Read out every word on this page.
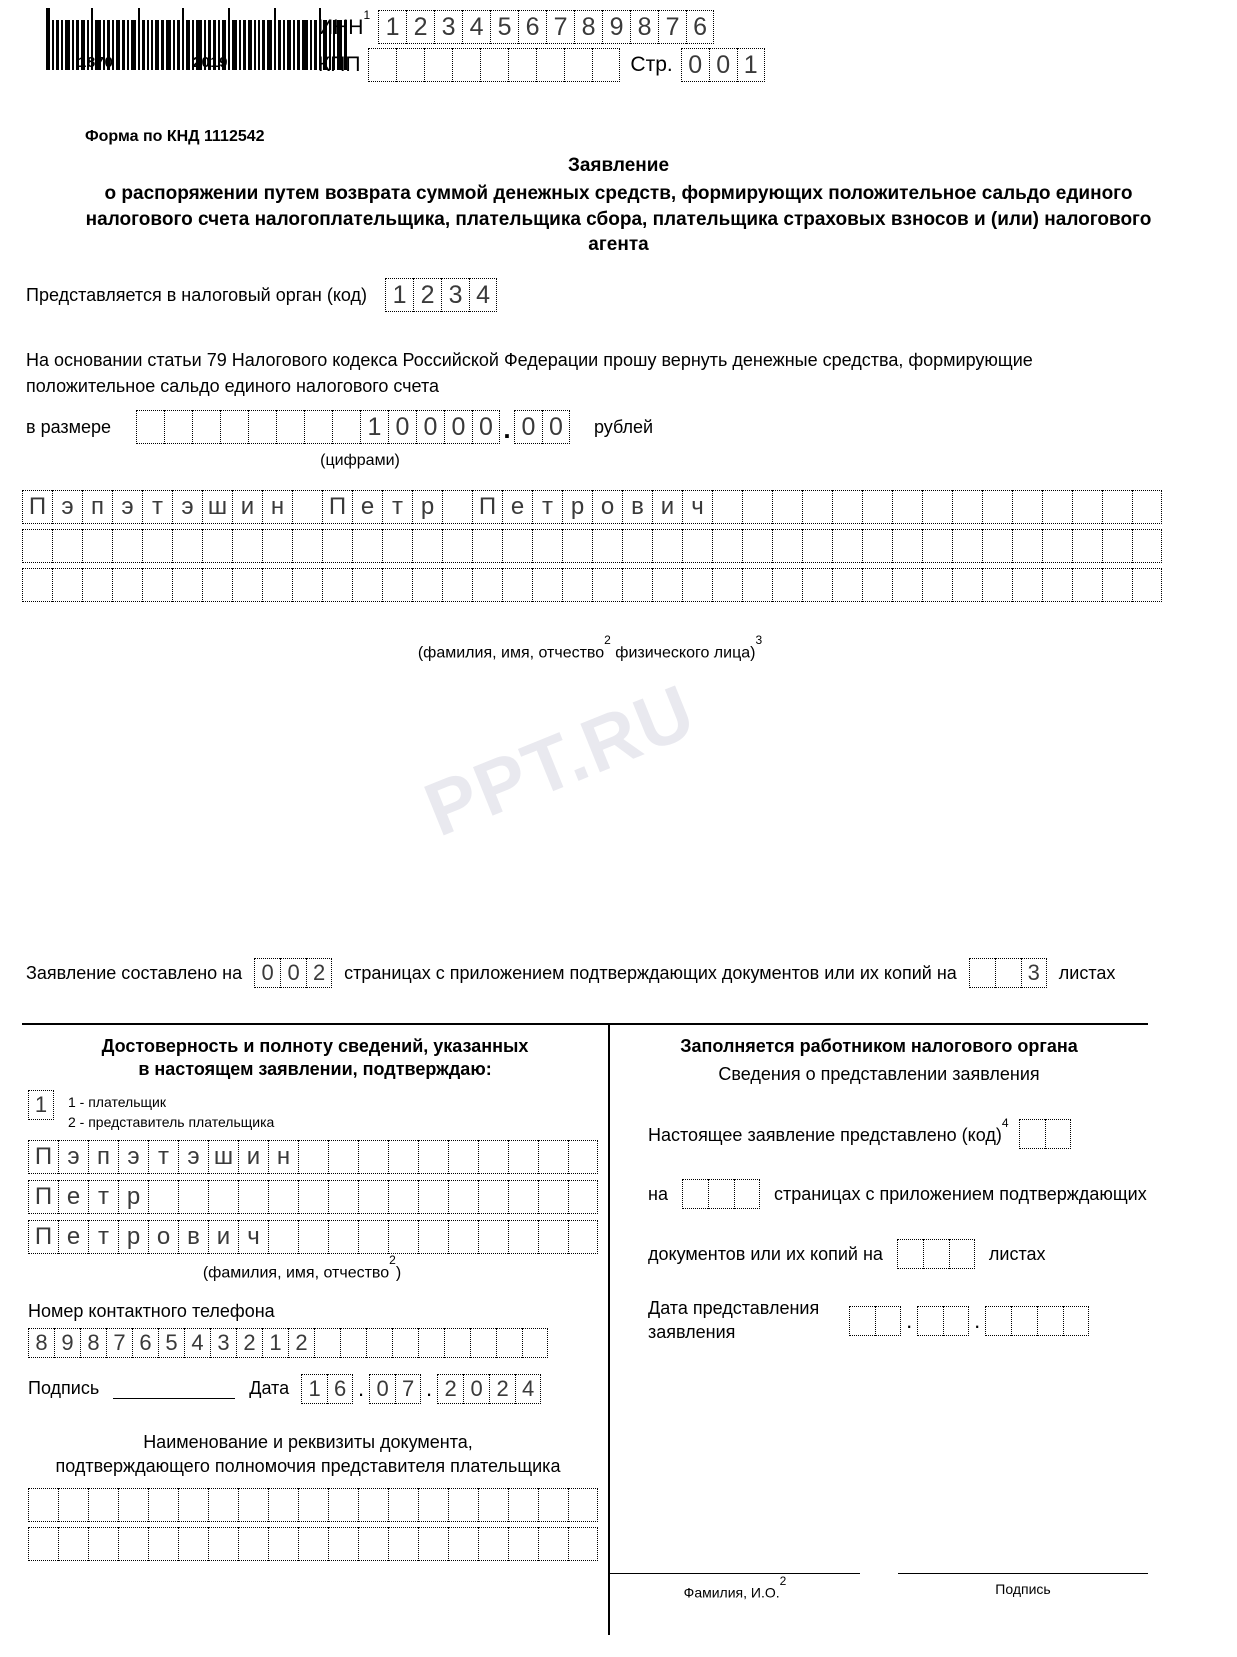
1870	2019
ИНН$^1$ 1 2 3 4 5 6 7 8 9 8 7 6
КПП	Стр. 0 0 1
Форма по КНД 1112542
Заявление
о распоряжении путем возврата суммой денежных средств, формирующих положительное сальдо единого налогового счета налогоплательщика, плательщика сбора, плательщика страховых взносов и (или) налогового агента
Представляется в налоговый орган (код)	1 2 3 4
На основании статьи 79 Налогового кодекса Российской Федерации прошу вернуть денежные средства, формирующие положительное сальдо единого налогового счета
в размере	1 0 0 0 0 . 0 0	рублей
(цифрами)
П э п э т э ш и н	П е т р	П е т р о в и ч
(фамилия, имя, отчество$^2$ физического лица)$^3$
PPT.RU
Заявление составлено на 0 0 2	страницах с приложением подтверждающих документов или их копий на	3	листах
Достоверность и полноту сведений, указанных
в настоящем заявлении, подтверждаю:
1	1 - плательщик
2 - представитель плательщика
П э п э т э ш и н
П е т р
П е т р о в и ч
(фамилия, имя, отчество$^2$)
Номер контактного телефона
8 9 8 7 6 5 4 3 2 1 2
Подпись	Дата 1 6 . 0 7 . 2 0 2 4
Наименование и реквизиты документа,
подтверждающего полномочия представителя плательщика
Заполняется работником налогового органа
Сведения о представлении заявления
Настоящее заявление представлено (код)$^4$
на	страницах с приложением подтверждающих
документов или их копий на	листах
Дата представления
заявления	.	.
Фамилия, И.О.2	Подпись
